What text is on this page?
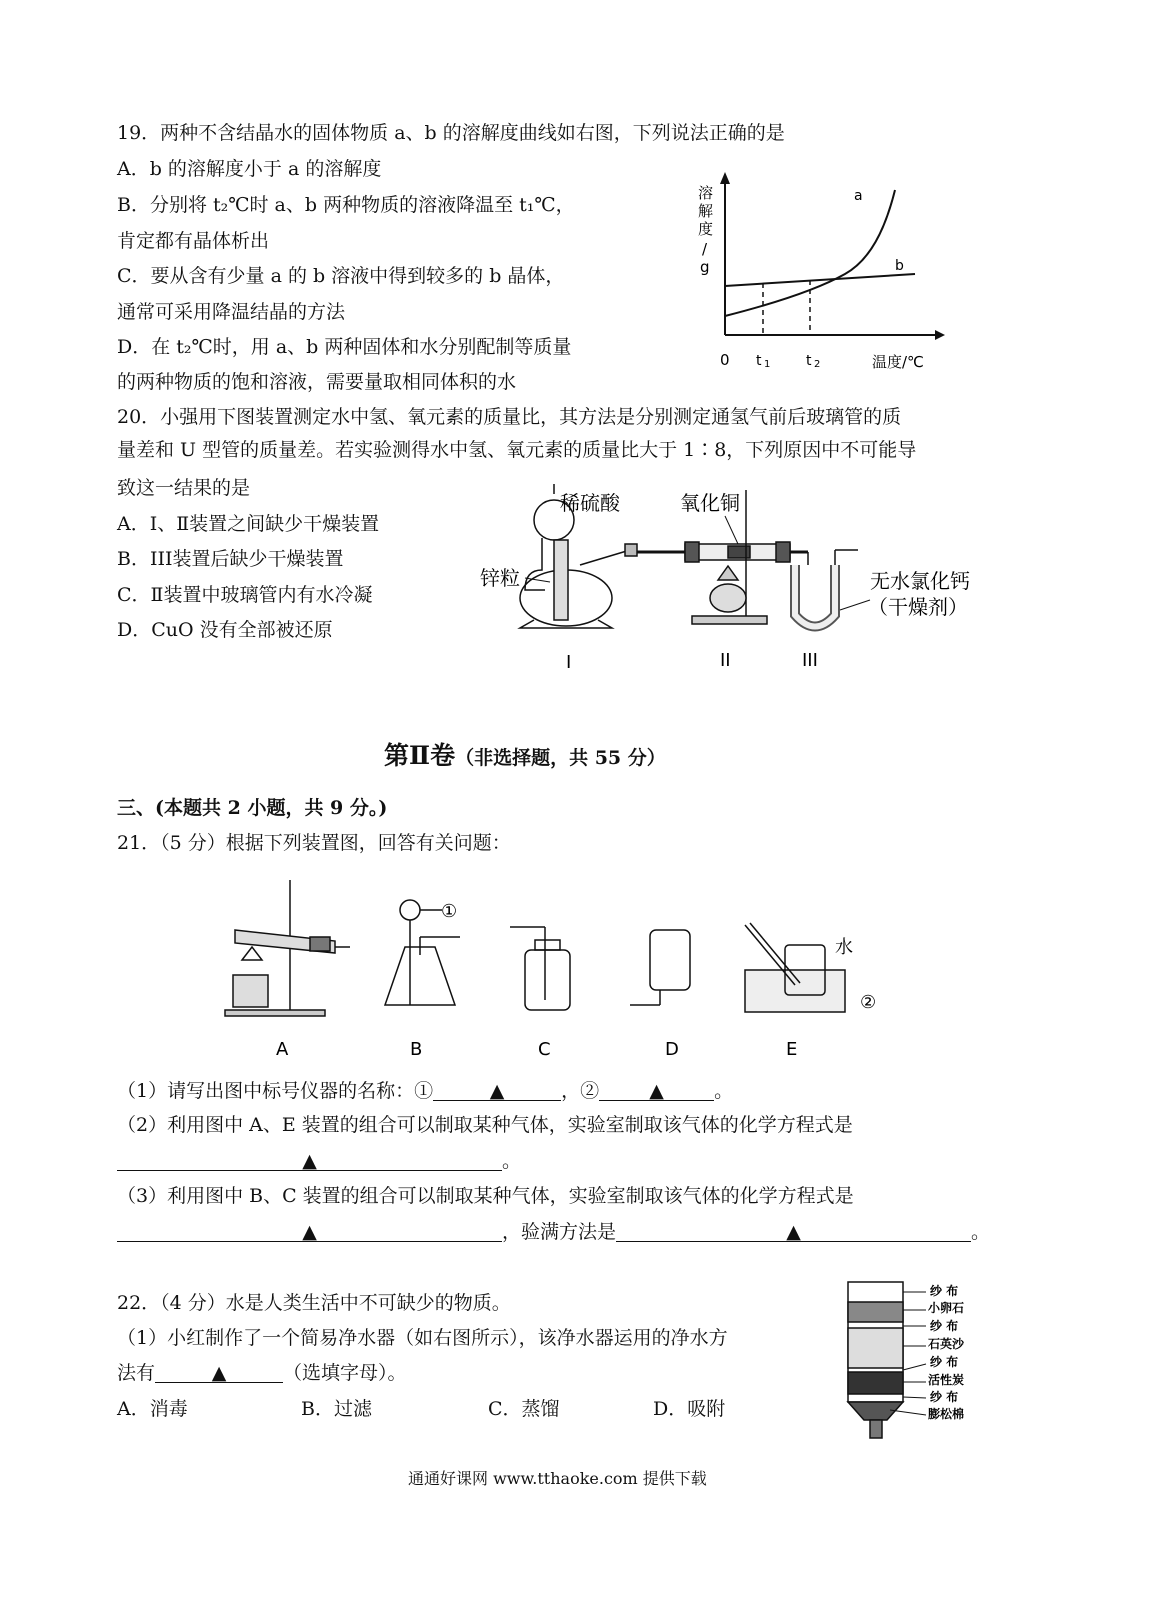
19．两种不含结晶水的固体物质 a、b 的溶解度曲线如右图，下列说法正确的是
A．b 的溶解度小于 a 的溶解度
B．分别将 t₂℃时 a、b 两种物质的溶液降温至 t₁℃，
肯定都有晶体析出
C．要从含有少量 a 的 b 溶液中得到较多的 b 晶体，
通常可采用降温结晶的方法
D．在 t₂℃时，用 a、b 两种固体和水分别配制等质量
的两种物质的饱和溶液，需要量取相同体积的水
溶
解
度
/
g
a
b
0 t 1	t 2	温度/℃
20．小强用下图装置测定水中氢、氧元素的质量比，其方法是分别测定通氢气前后玻璃管的质
量差和 U 型管的质量差。若实验测得水中氢、氧元素的质量比大于 1∶8，下列原因中不可能导
致这一结果的是
A．Ⅰ、Ⅱ装置之间缺少干燥装置
B．III装置后缺少干燥装置
C．Ⅱ装置中玻璃管内有水冷凝
D．CuO 没有全部被还原
稀硫酸
锌粒
氧化铜
无水氯化钙
（干燥剂）
I	II	III
第Ⅱ卷（非选择题，共 55 分）
三、(本题共 2 小题，共 9 分。)
21．（5 分）根据下列装置图，回答有关问题：
①
水
②
A	B	C	D	E
（1）请写出图中标号仪器的名称：①	▲	，②	▲	。
（2）利用图中 A、E 装置的组合可以制取某种气体，实验室制取该气体的化学方程式是
▲	。
（3）利用图中 B、C 装置的组合可以制取某种气体，实验室制取该气体的化学方程式是
▲	，验满方法是	▲	。
22．（4 分）水是人类生活中不可缺少的物质。
（1）小红制作了一个简易净水器（如右图所示），该净水器运用的净水方
法有	▲	（选填字母）。
A．消毒	B．过滤	C．蒸馏	D．吸附
纱 布
小卵石
纱 布
石英沙
纱 布
活性炭
纱 布
膨松棉
通通好课网 www.tthaoke.com 提供下载
